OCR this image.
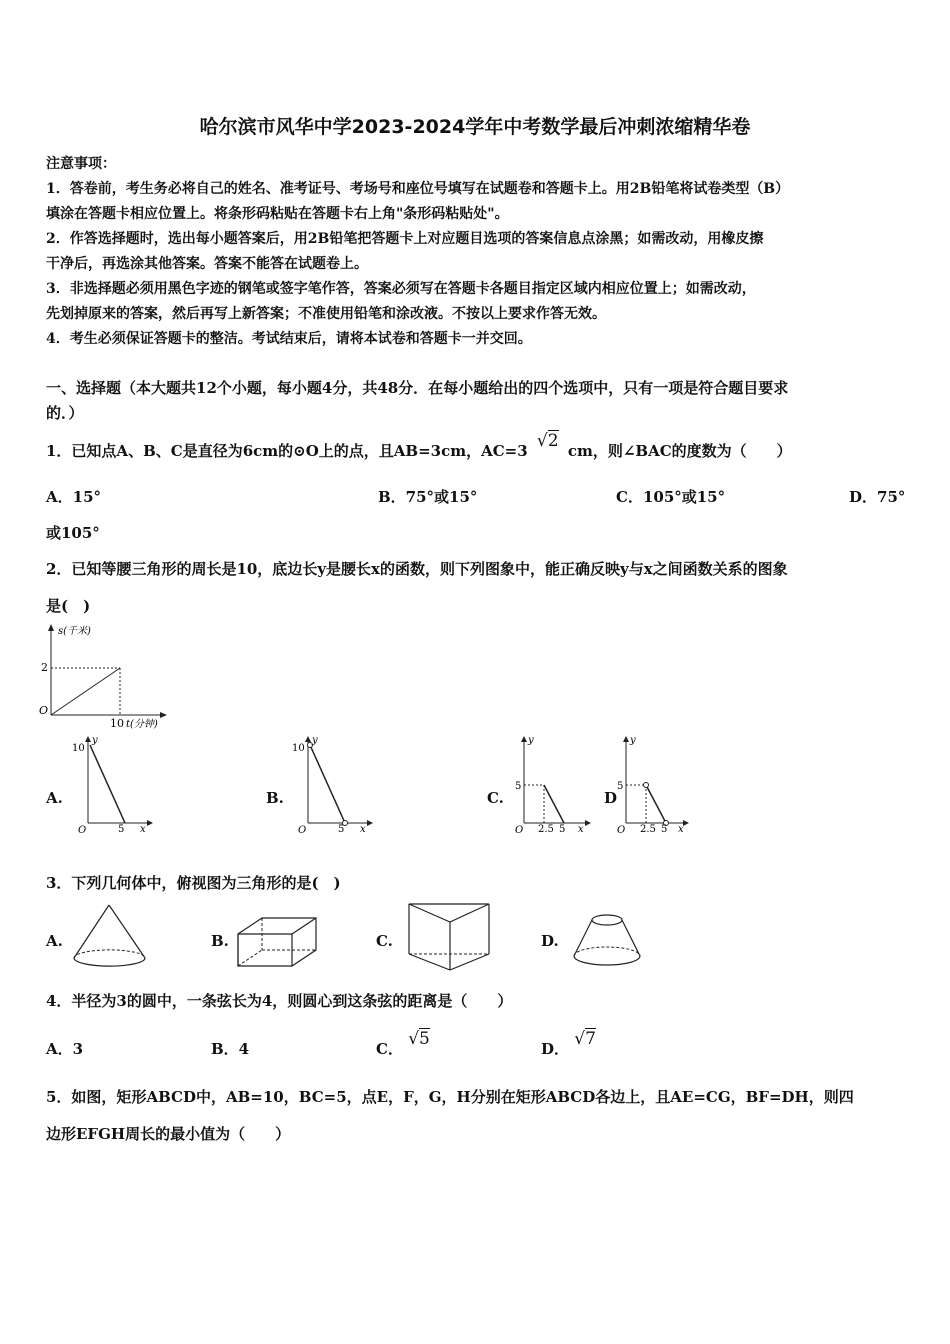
哈尔滨市风华中学2023-2024学年中考数学最后冲刺浓缩精华卷
注意事项：
1．答卷前，考生务必将自己的姓名、准考证号、考场号和座位号填写在试题卷和答题卡上。用2B铅笔将试卷类型（B）
填涂在答题卡相应位置上。将条形码粘贴在答题卡右上角"条形码粘贴处"。
2．作答选择题时，选出每小题答案后，用2B铅笔把答题卡上对应题目选项的答案信息点涂黑；如需改动，用橡皮擦
干净后，再选涂其他答案。答案不能答在试题卷上。
3．非选择题必须用黑色字迹的钢笔或签字笔作答，答案必须写在答题卡各题目指定区域内相应位置上；如需改动，
先划掉原来的答案，然后再写上新答案；不准使用铅笔和涂改液。不按以上要求作答无效。
4．考生必须保证答题卡的整洁。考试结束后，请将本试卷和答题卡一并交回。
一、选择题（本大题共12个小题，每小题4分，共48分．在每小题给出的四个选项中，只有一项是符合题目要求
的．）
1．已知点A、B、C是直径为6cm的⊙O上的点，且AB=3cm，AC=3 √2 cm，则∠BAC的度数为（　　）
A．15°	B．75°或15°	C．105°或15°	D．75°
或105°
2．已知等腰三角形的周长是10，底边长y是腰长x的函数，则下列图象中，能正确反映y与x之间函数关系的图象
是(　)
s(千米)
2
O
10 t(分钟)
A.
y
10
O	5 x
B.
y
10
O	5 x
C.
y
5
O 2.5 5 x
D
y
5
O 2.5 5 x
3．下列几何体中，俯视图为三角形的是(　)
A.	B.	C.	D.
4．半径为3的圆中，一条弦长为4，则圆心到这条弦的距离是（　　）
A．3	B．4	C． √5	D． √7
5．如图，矩形ABCD中，AB=10，BC=5，点E，F，G，H分别在矩形ABCD各边上，且AE=CG，BF=DH，则四
边形EFGH周长的最小值为（　　）
